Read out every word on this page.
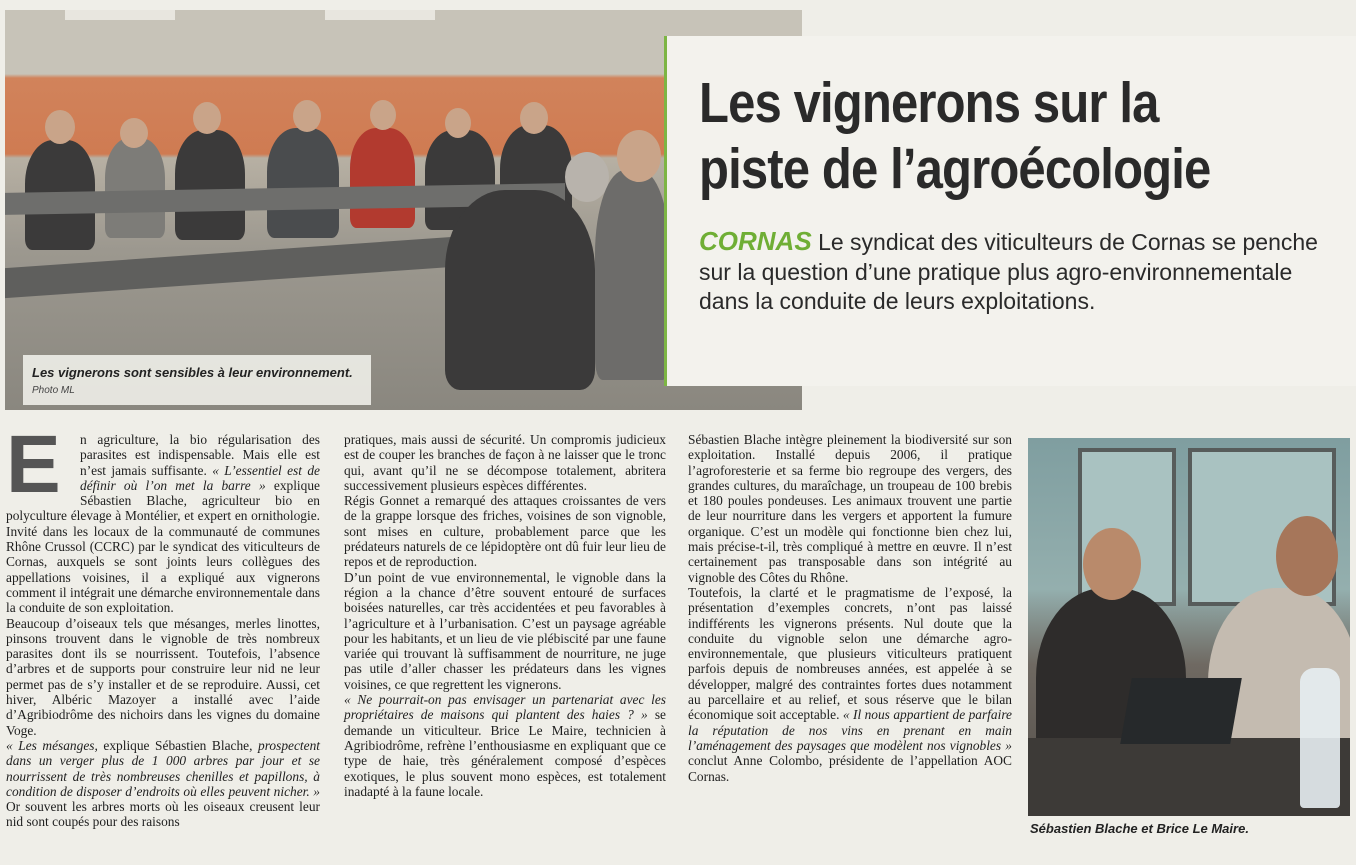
Les vignerons sont sensibles à leur environnement.
Photo ML
Les vignerons sur la piste de l’agroécologie

CORNAS Le syndicat des viticulteurs de Cornas se penche sur la question d’une pratique plus agro-environnementale dans la conduite de leurs exploitations.

E	n agriculture, la bio régularisation des parasites est indispensable. Mais elle est n’est jamais suffisante. « L’essentiel est de définir où l’on met la barre » explique Sébastien Blache, agriculteur bio en polyculture élevage à Montélier, et expert en ornithologie. Invité dans les locaux de la communauté de communes Rhône Crussol (CCRC) par le syndicat des viticulteurs de Cornas, auxquels se sont joints leurs collègues des appellations voisines, il a expliqué aux vignerons comment il intégrait une démarche environnementale dans la conduite de son exploitation.

Beaucoup d’oiseaux tels que mésanges, merles linottes, pinsons trouvent dans le vignoble de très nombreux parasites dont ils se nourrissent. Toutefois, l’absence d’arbres et de supports pour construire leur nid ne leur permet pas de s’y installer et de se reproduire. Aussi, cet hiver, Albéric Mazoyer a installé avec l’aide d’Agribiodrôme des nichoirs dans les vignes du domaine Voge.

« Les mésanges, explique Sébastien Blache, prospectent dans un verger plus de 1 000 arbres par jour et se nourrissent de très nombreuses chenilles et papillons, à condition de disposer d’endroits où elles peuvent nicher. » Or souvent les arbres morts où les oiseaux creusent leur nid sont coupés pour des raisons

pratiques, mais aussi de sécurité. Un compromis judicieux est de couper les branches de façon à ne laisser que le tronc qui, avant qu’il ne se décompose totalement, abritera successivement plusieurs espèces différentes.

Régis Gonnet a remarqué des attaques croissantes de vers de la grappe lorsque des friches, voisines de son vignoble, sont mises en culture, probablement parce que les prédateurs naturels de ce lépidoptère ont dû fuir leur lieu de repos et de reproduction.

D’un point de vue environnemental, le vignoble dans la région a la chance d’être souvent entouré de surfaces boisées naturelles, car très accidentées et peu favorables à l’agriculture et à l’urbanisation. C’est un paysage agréable pour les habitants, et un lieu de vie plébiscité par une faune variée qui trouvant là suffisamment de nourriture, ne juge pas utile d’aller chasser les prédateurs dans les vignes voisines, ce que regrettent les vignerons.

« Ne pourrait-on pas envisager un partenariat avec les propriétaires de maisons qui plantent des haies ? » se demande un viticulteur. Brice Le Maire, technicien à Agribiodrôme, refrène l’enthousiasme en expliquant que ce type de haie, très généralement composé d’espèces exotiques, le plus souvent mono espèces, est totalement inadapté à la faune locale.

Sébastien Blache intègre pleinement la biodiversité sur son exploitation. Installé depuis 2006, il pratique l’agroforesterie et sa ferme bio regroupe des vergers, des grandes cultures, du maraîchage, un troupeau de 100 brebis et 180 poules pondeuses. Les animaux trouvent une partie de leur nourriture dans les vergers et apportent la fumure organique. C’est un modèle qui fonctionne bien chez lui, mais précise-t-il, très compliqué à mettre en œuvre. Il n’est certainement pas transposable dans son intégrité au vignoble des Côtes du Rhône.

Toutefois, la clarté et le pragmatisme de l’exposé, la présentation d’exemples concrets, n’ont pas laissé indifférents les vignerons présents. Nul doute que la conduite du vignoble selon une démarche agro-environnementale, que plusieurs viticulteurs pratiquent parfois depuis de nombreuses années, est appelée à se développer, malgré des contraintes fortes dues notamment au parcellaire et au relief, et sous réserve que le bilan économique soit acceptable. « Il nous appartient de parfaire la réputation de nos vins en prenant en main l’aménagement des paysages que modèlent nos vignobles » conclut Anne Colombo, présidente de l’appellation AOC Cornas.

Sébastien Blache et Brice Le Maire.
